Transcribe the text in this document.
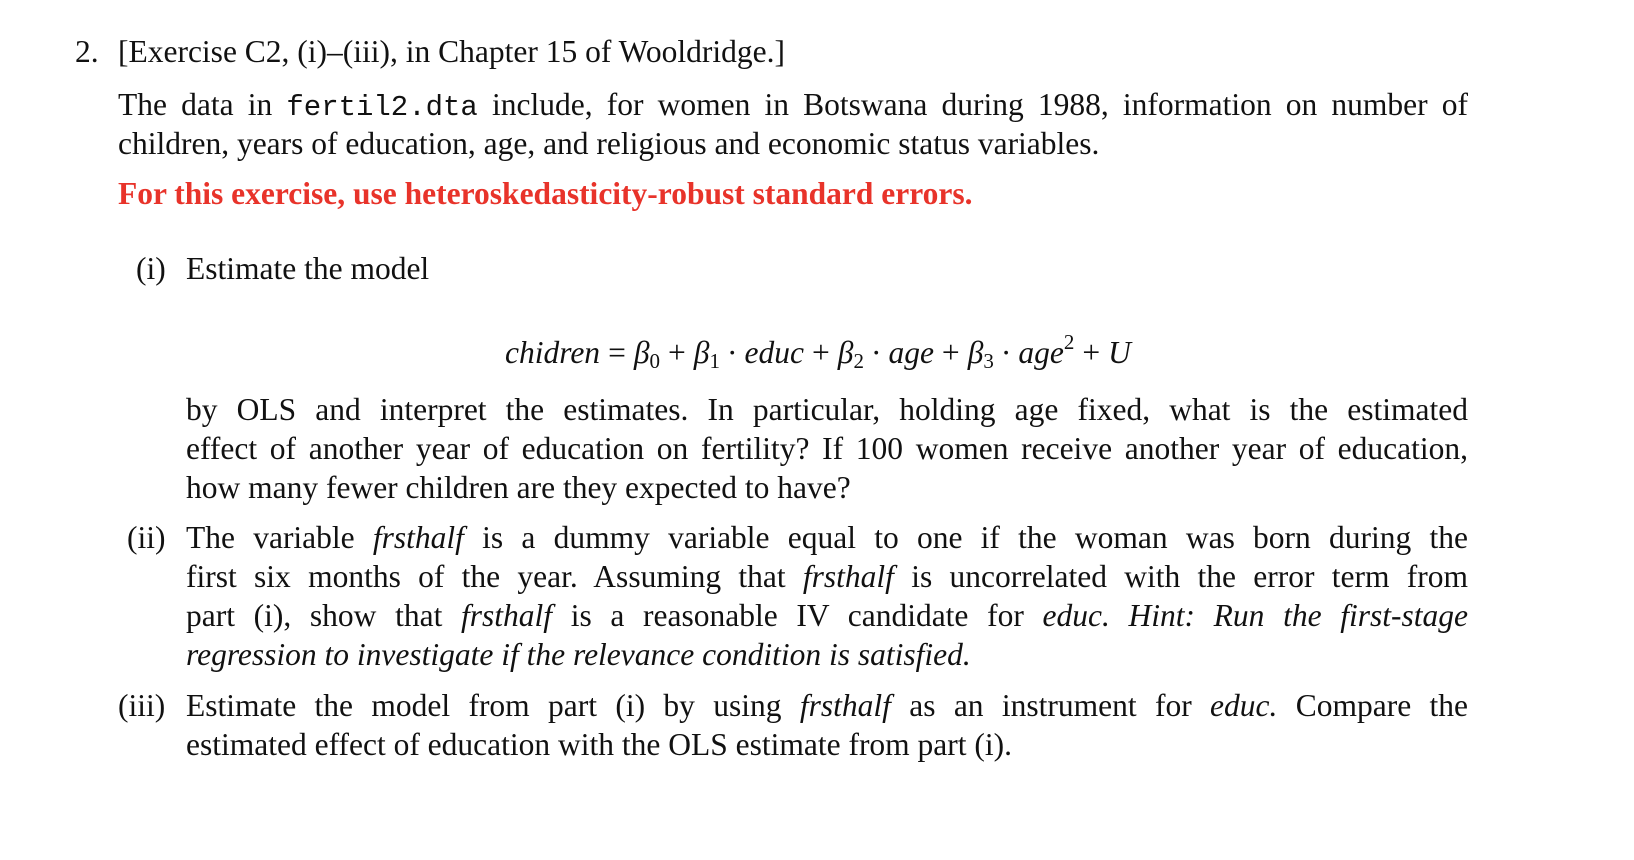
2. [Exercise C2, (i)–(iii), in Chapter 15 of Wooldridge.]
The data in fertil2.dta include, for women in Botswana during 1988, information on number of
children, years of education, age, and religious and economic status variables.
For this exercise, use heteroskedasticity-robust standard errors.
(i) Estimate the model
chidren = $\beta_0 + \beta_1$ · educ + $\beta_2$ · age + $\beta_3 \cdot age^2 + U$
by OLS and interpret the estimates. In particular, holding age fixed, what is the estimated
effect of another year of education on fertility? If 100 women receive another year of education,
how many fewer children are they expected to have?
(ii) The variable frsthalf is a dummy variable equal to one if the woman was born during the
first six months of the year. Assuming that frsthalf is uncorrelated with the error term from
part (i), show that frsthalf is a reasonable IV candidate for educ. Hint: Run the first-stage
regression to investigate if the relevance condition is satisfied.
(iii) Estimate the model from part (i) by using frsthalf as an instrument for educ. Compare the
estimated effect of education with the OLS estimate from part (i).
